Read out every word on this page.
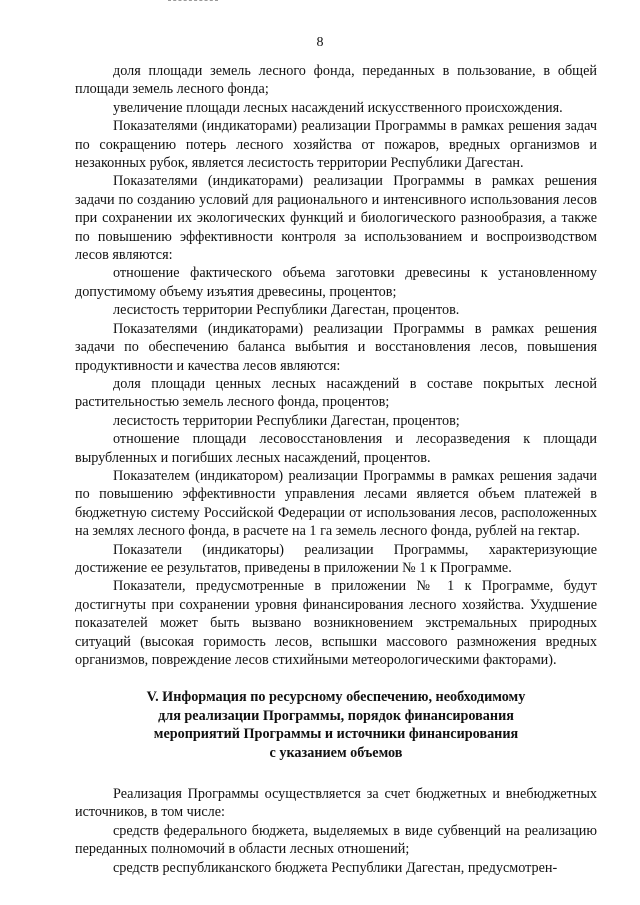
8

доля площади земель лесного фонда, переданных в пользование, в общей площади земель лесного фонда;

увеличение площади лесных насаждений искусственного происхождения.

Показателями (индикаторами) реализации Программы в рамках решения задач по сокращению потерь лесного хозяйства от пожаров, вредных организмов и незаконных рубок, является лесистость территории Республики Дагестан.

Показателями (индикаторами) реализации Программы в рамках решения задачи по созданию условий для рационального и интенсивного использования лесов при сохранении их экологических функций и биологического разнообразия, а также по повышению эффективности контроля за использованием и воспроизводством лесов являются:

отношение фактического объема заготовки древесины к установленному допустимому объему изъятия древесины, процентов;

лесистость территории Республики Дагестан, процентов.

Показателями (индикаторами) реализации Программы в рамках решения задачи по обеспечению баланса выбытия и восстановления лесов, повышения продуктивности и качества лесов являются:

доля площади ценных лесных насаждений в составе покрытых лесной растительностью земель лесного фонда, процентов;

лесистость территории Республики Дагестан, процентов;

отношение площади лесовосстановления и лесоразведения к площади вырубленных и погибших лесных насаждений, процентов.

Показателем (индикатором) реализации Программы в рамках решения задачи по повышению эффективности управления лесами является объем платежей в бюджетную систему Российской Федерации от использования лесов, расположенных на землях лесного фонда, в расчете на 1 га земель лесного фонда, рублей на гектар.

Показатели (индикаторы) реализации Программы, характеризующие достижение ее результатов, приведены в приложении № 1 к Программе.

Показатели, предусмотренные в приложении № 1 к Программе, будут достигнуты при сохранении уровня финансирования лесного хозяйства. Ухудшение показателей может быть вызвано возникновением экстремальных природных ситуаций (высокая горимость лесов, вспышки массового размножения вредных организмов, повреждение лесов стихийными метеорологическими факторами).

V. Информация по ресурсному обеспечению, необходимому
для реализации Программы, порядок финансирования
мероприятий Программы и источники финансирования
с указанием объемов

Реализация Программы осуществляется за счет бюджетных и внебюджетных источников, в том числе:

средств федерального бюджета, выделяемых в виде субвенций на реализацию переданных полномочий в области лесных отношений;

средств республиканского бюджета Республики Дагестан, предусмотрен-
